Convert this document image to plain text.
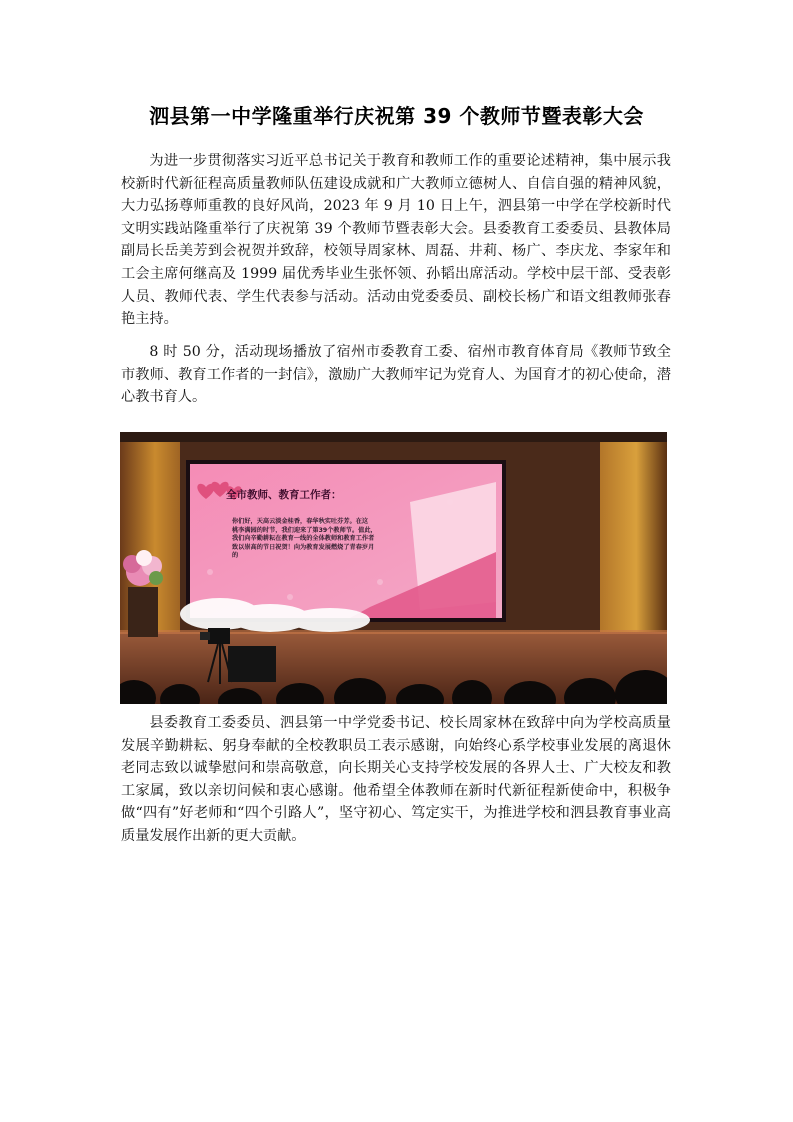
泗县第一中学隆重举行庆祝第 39 个教师节暨表彰大会

为进一步贯彻落实习近平总书记关于教育和教师工作的重要论述精神，集中展示我校新时代新征程高质量教师队伍建设成就和广大教师立德树人、自信自强的精神风貌，大力弘扬尊师重教的良好风尚，2023 年 9 月 10 日上午，泗县第一中学在学校新时代文明实践站隆重举行了庆祝第 39 个教师节暨表彰大会。县委教育工委委员、县教体局副局长岳美芳到会祝贺并致辞，校领导周家林、周磊、井莉、杨广、李庆龙、李家年和工会主席何继高及 1999 届优秀毕业生张怀领、孙韬出席活动。学校中层干部、受表彰人员、教师代表、学生代表参与活动。活动由党委委员、副校长杨广和语文组教师张春艳主持。

8 时 50 分，活动现场播放了宿州市委教育工委、宿州市教育体育局《教师节致全市教师、教育工作者的一封信》，激励广大教师牢记为党育人、为国育才的初心使命，潜心教书育人。

全市教师、教育工作者：
你们好，天高云淡金桂香，春华秋实吐芬芳。在这
桃李满园的时节，我们迎来了第39个教师节。值此，
我们向辛勤耕耘在教育一线的全体教师和教育工作者
致以崇高的节日祝贺！向为教育发展燃烧了青春岁月
的

县委教育工委委员、泗县第一中学党委书记、校长周家林在致辞中向为学校高质量发展辛勤耕耘、躬身奉献的全校教职员工表示感谢，向始终心系学校事业发展的离退休老同志致以诚挚慰问和崇高敬意，向长期关心支持学校发展的各界人士、广大校友和教工家属，致以亲切问候和衷心感谢。他希望全体教师在新时代新征程新使命中，积极争做“四有”好老师和“四个引路人”，坚守初心、笃定实干，为推进学校和泗县教育事业高质量发展作出新的更大贡献。
